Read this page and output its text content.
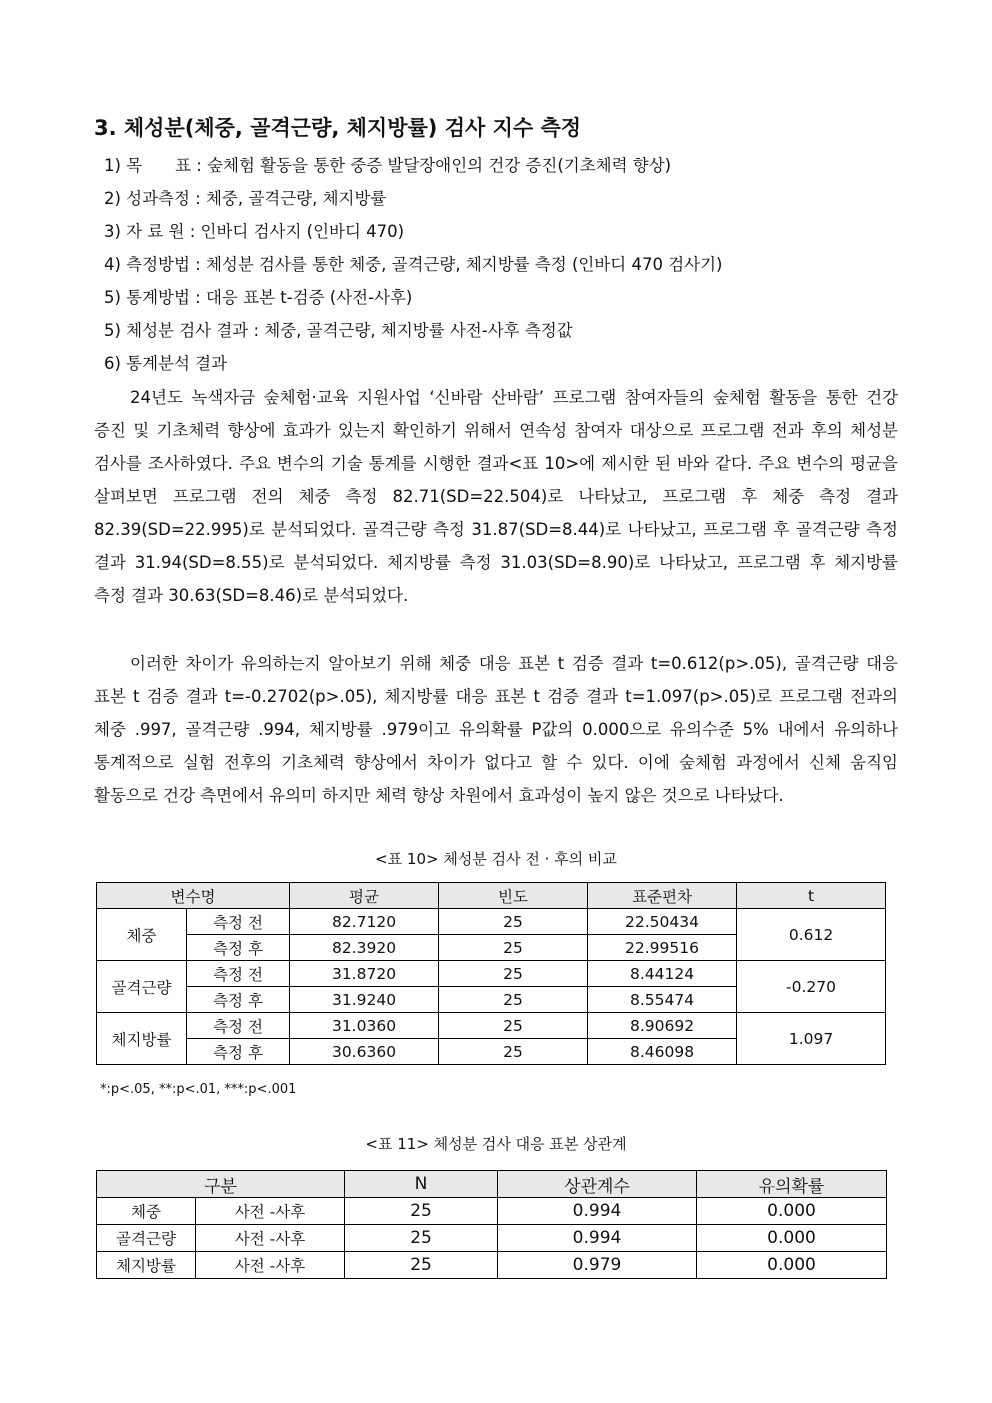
3. 체성분(체중, 골격근량, 체지방률) 검사 지수 측정
1) 목　　표 : 숲체험 활동을 통한 중증 발달장애인의 건강 증진(기초체력 향상)
2) 성과측정 : 체중, 골격근량, 체지방률
3) 자 료 원 : 인바디 검사지 (인바디 470)
4) 측정방법 : 체성분 검사를 통한 체중, 골격근량, 체지방률 측정 (인바디 470 검사기)
5) 통계방법 : 대응 표본 t-검증 (사전-사후)
5) 체성분 검사 결과 : 체중, 골격근량, 체지방률 사전-사후 측정값
6) 통계분석 결과

24년도 녹색자금 숲체험·교육 지원사업 ‘신바람 산바람’ 프로그램 참여자들의 숲체험 활동을 통한 건강 증진 및 기초체력 향상에 효과가 있는지 확인하기 위해서 연속성 참여자 대상으로 프로그램 전과 후의 체성분 검사를 조사하였다. 주요 변수의 기술 통계를 시행한 결과<표 10>에 제시한 된 바와 같다. 주요 변수의 평균을 살펴보면 프로그램 전의 체중 측정 82.71(SD=22.504)로 나타났고, 프로그램 후 체중 측정 결과 82.39(SD=22.995)로 분석되었다. 골격근량 측정 31.87(SD=8.44)로 나타났고, 프로그램 후 골격근량 측정 결과 31.94(SD=8.55)로 분석되었다. 체지방률 측정 31.03(SD=8.90)로 나타났고, 프로그램 후 체지방률 측정 결과 30.63(SD=8.46)로 분석되었다.

이러한 차이가 유의하는지 알아보기 위해 체중 대응 표본 t 검증 결과 t=0.612(p>.05), 골격근량 대응 표본 t 검증 결과 t=-0.2702(p>.05), 체지방률 대응 표본 t 검증 결과 t=1.097(p>.05)로 프로그램 전과의 체중 .997, 골격근량 .994, 체지방률 .979이고 유의확률 P값의 0.000으로 유의수준 5% 내에서 유의하나 통계적으로 실험 전후의 기초체력 향상에서 차이가 없다고 할 수 있다. 이에 숲체험 과정에서 신체 움직임 활동으로 건강 측면에서 유의미 하지만 체력 향상 차원에서 효과성이 높지 않은 것으로 나타났다.

<표 10> 체성분 검사 전 · 후의 비교
변수명		평균	빈도	표준편차	t
체중	측정 전	82.7120	25	22.50434	0.612
	측정 후	82.3920	25	22.99516	
골격근량	측정 전	31.8720	25	8.44124	-0.270
	측정 후	31.9240	25	8.55474	
체지방률	측정 전	31.0360	25	8.90692	1.097
	측정 후	30.6360	25	8.46098	
*:p<.05, **:p<.01, ***:p<.001
<표 11> 체성분 검사 대응 표본 상관계
구분		N	상관계수	유의확률
체중	사전 -사후	25	0.994	0.000
골격근량	사전 -사후	25	0.994	0.000
체지방률	사전 -사후	25	0.979	0.000
